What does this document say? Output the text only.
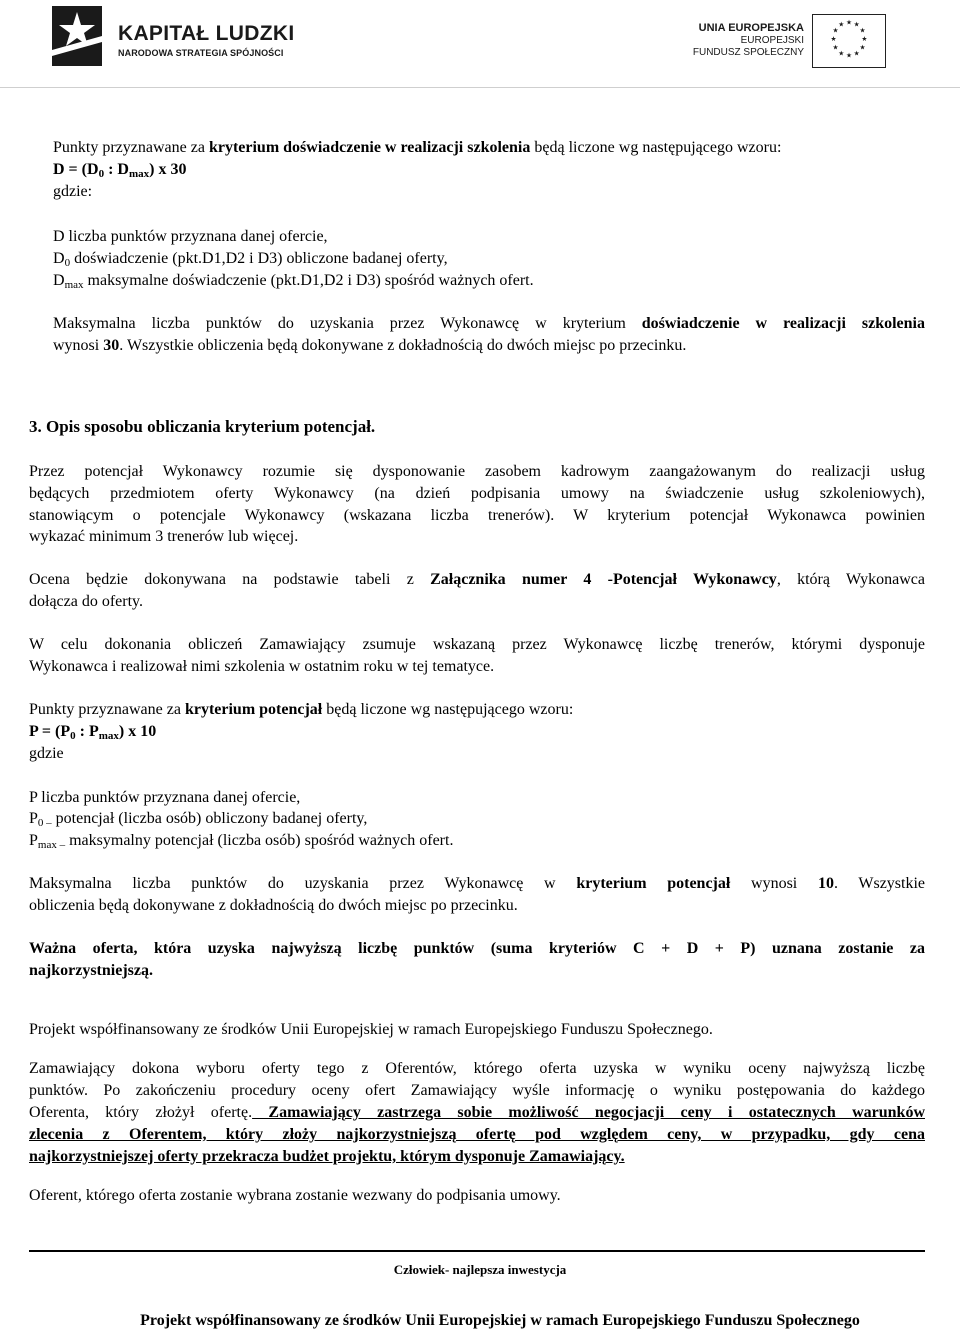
KAPITAŁ LUDZKI
NARODOWA STRATEGIA SPÓJNOŚCI
UNIA EUROPEJSKA
EUROPEJSKI
FUNDUSZ SPOŁECZNY
★ ★
★
★
★
★
★
★
★
★
★
★
Punkty przyznawane za kryterium doświadczenie w realizacji szkolenia będą liczone wg następującego wzoru:
$D = (D_0$ : $D_{max}$) x 30
gdzie:
D liczba punktów przyznana danej ofercie,
$D_0$ doświadczenie (pkt.D1,D2 i D3) obliczone badanej oferty,
$D_{max}$ maksymalne doświadczenie (pkt.D1,D2 i D3) spośród ważnych ofert.
Maksymalna liczba punktów do uzyskania przez Wykonawcę w kryterium doświadczenie w realizacji szkolenia
wynosi 30. Wszystkie obliczenia będą dokonywane z dokładnością do dwóch miejsc po przecinku.
3. Opis sposobu obliczania kryterium potencjał.
Przez potencjał Wykonawcy rozumie się dysponowanie zasobem kadrowym zaangażowanym do realizacji usług
będących przedmiotem oferty Wykonawcy (na dzień podpisania umowy na świadczenie usług szkoleniowych),
stanowiącym o potencjale Wykonawcy (wskazana liczba trenerów). W kryterium potencjał Wykonawca powinien
wykazać minimum 3 trenerów lub więcej.
Ocena będzie dokonywana na podstawie tabeli z Załącznika numer 4 -Potencjał Wykonawcy, którą Wykonawca
dołącza do oferty.
W celu dokonania obliczeń Zamawiający zsumuje wskazaną przez Wykonawcę liczbę trenerów, którymi dysponuje
Wykonawca i realizował nimi szkolenia w ostatnim roku w tej tematyce.
Punkty przyznawane za kryterium potencjał będą liczone wg następującego wzoru:
$P = (P_0$ : $P_{max}$) x 10
gdzie
P liczba punktów przyznana danej ofercie,
$P_{0 -}$ potencjał (liczba osób) obliczony badanej oferty,
$P_{max -}$ maksymalny potencjał (liczba osób) spośród ważnych ofert.
Maksymalna liczba punktów do uzyskania przez Wykonawcę w kryterium potencjał wynosi 10. Wszystkie
obliczenia będą dokonywane z dokładnością do dwóch miejsc po przecinku.
Ważna oferta, która uzyska najwyższą liczbę punktów (suma kryteriów C + D + P) uznana zostanie za
najkorzystniejszą.
Projekt współfinansowany ze środków Unii Europejskiej w ramach Europejskiego Funduszu Społecznego.
Zamawiający dokona wyboru oferty tego z Oferentów, którego oferta uzyska w wyniku oceny najwyższą liczbę
punktów. Po zakończeniu procedury oceny ofert Zamawiający wyśle informację o wyniku postępowania do każdego
Oferenta, który złożył ofertę. Zamawiający zastrzega sobie możliwość negocjacji ceny i ostatecznych warunków
zlecenia z Oferentem, który złoży najkorzystniejszą ofertę pod względem ceny, w przypadku, gdy cena
najkorzystniejszej oferty przekracza budżet projektu, którym dysponuje Zamawiający.
Oferent, którego oferta zostanie wybrana zostanie wezwany do podpisania umowy.
Człowiek- najlepsza inwestycja
Projekt współfinansowany ze środków Unii Europejskiej w ramach Europejskiego Funduszu Społecznego
